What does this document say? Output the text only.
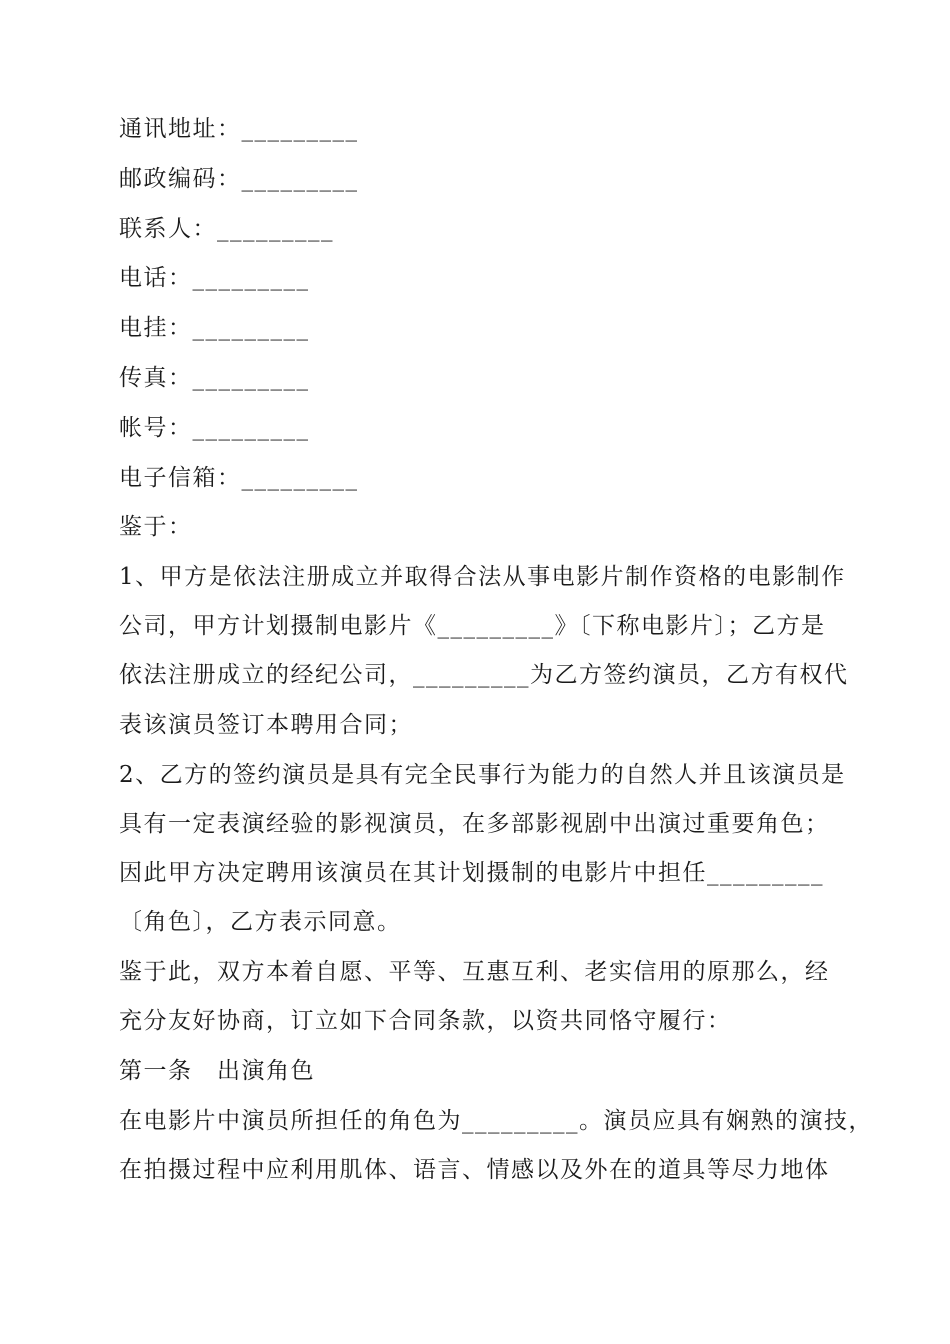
通讯地址：_________
邮政编码：_________
联系人：_________
电话：_________
电挂：_________
传真：_________
帐号：_________
电子信箱：_________
鉴于：
1、甲方是依法注册成立并取得合法从事电影片制作资格的电影制作
公司，甲方计划摄制电影片《_________》〔下称电影片〕；乙方是
依法注册成立的经纪公司，_________为乙方签约演员，乙方有权代
表该演员签订本聘用合同；
2、乙方的签约演员是具有完全民事行为能力的自然人并且该演员是
具有一定表演经验的影视演员，在多部影视剧中出演过重要角色；
因此甲方决定聘用该演员在其计划摄制的电影片中担任_________
〔角色〕，乙方表示同意。
鉴于此，双方本着自愿、平等、互惠互利、老实信用的原那么，经
充分友好协商，订立如下合同条款，以资共同恪守履行：
第一条　出演角色
在电影片中演员所担任的角色为_________。演员应具有娴熟的演技，
在拍摄过程中应利用肌体、语言、情感以及外在的道具等尽力地体
